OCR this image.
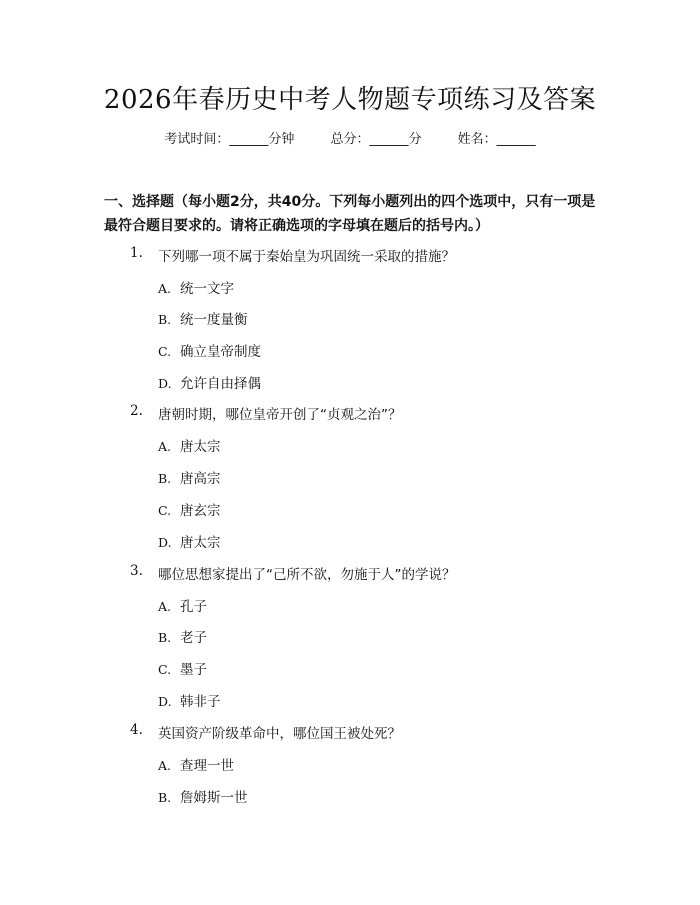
2026年春历史中考人物题专项练习及答案
考试时间：______分钟	总分：______分	姓名：______
一、选择题（每小题2分，共40分。下列每小题列出的四个选项中，只有一项是
最符合题目要求的。请将正确选项的字母填在题后的括号内。）
1. 下列哪一项不属于秦始皇为巩固统一采取的措施？
A. 统一文字
B. 统一度量衡
C. 确立皇帝制度
D. 允许自由择偶
2. 唐朝时期，哪位皇帝开创了“贞观之治”？
A. 唐太宗
B. 唐高宗
C. 唐玄宗
D. 唐太宗
3. 哪位思想家提出了“己所不欲，勿施于人”的学说？
A. 孔子
B. 老子
C. 墨子
D. 韩非子
4. 英国资产阶级革命中，哪位国王被处死？
A. 查理一世
B. 詹姆斯一世
